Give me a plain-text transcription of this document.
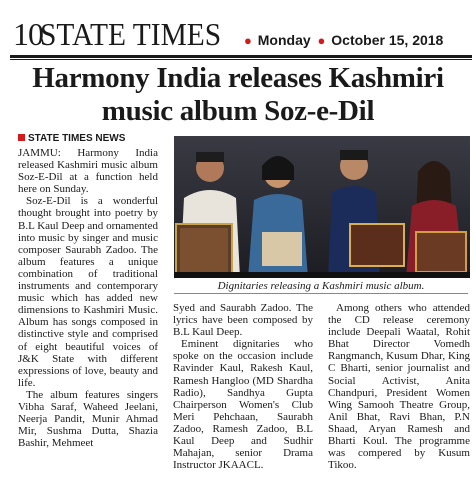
10
STATE TIMES ● Monday ● October 15, 2018
Harmony India releases Kashmiri
music album Soz-e-Dil
STATE TIMES NEWS

JAMMU: Harmony India released Kashmiri music album Soz-E-Dil at a function held here on Sunday.

Soz-E-Dil is a wonderful thought brought into poetry by B.L Kaul Deep and ornamented into music by singer and music composer Saurabh Zadoo. The album features a unique combination of traditional instruments and contemporary music which has added new dimensions to Kashmiri Music. Album has songs composed in distinctive style and comprised of eight beautiful voices of J&K State with different expressions of love, beauty and life.

The album features singers Vibha Saraf, Waheed Jeelani, Neerja Pandit, Munir Ahmad Mir, Sushma Dutta, Shazia Bashir, Mehmeet

Dignitaries releasing a Kashmiri music album.

Syed and Saurabh Zadoo. The lyrics have been composed by B.L Kaul Deep.

Eminent dignitaries who spoke on the occasion include Ravinder Kaul, Rakesh Kaul, Ramesh Hangloo (MD Shardha Radio), Sandhya Gupta Chairperson Women's Club Meri Pehchaan, Saurabh Zadoo, Ramesh Zadoo, B.L Kaul Deep and Sudhir Mahajan, senior Drama Instructor JKAACL.

Among others who attended the CD release ceremony include Deepali Waatal, Rohit Bhat Director Vomedh Rangmanch, Kusum Dhar, King C Bharti, senior journalist and Social Activist, Anita Chandpuri, President Women Wing Samooh Theatre Group, Anil Bhat, Ravi Bhan, P.N Shaad, Aryan Ramesh and Bharti Koul. The programme was compered by Kusum Tikoo.
